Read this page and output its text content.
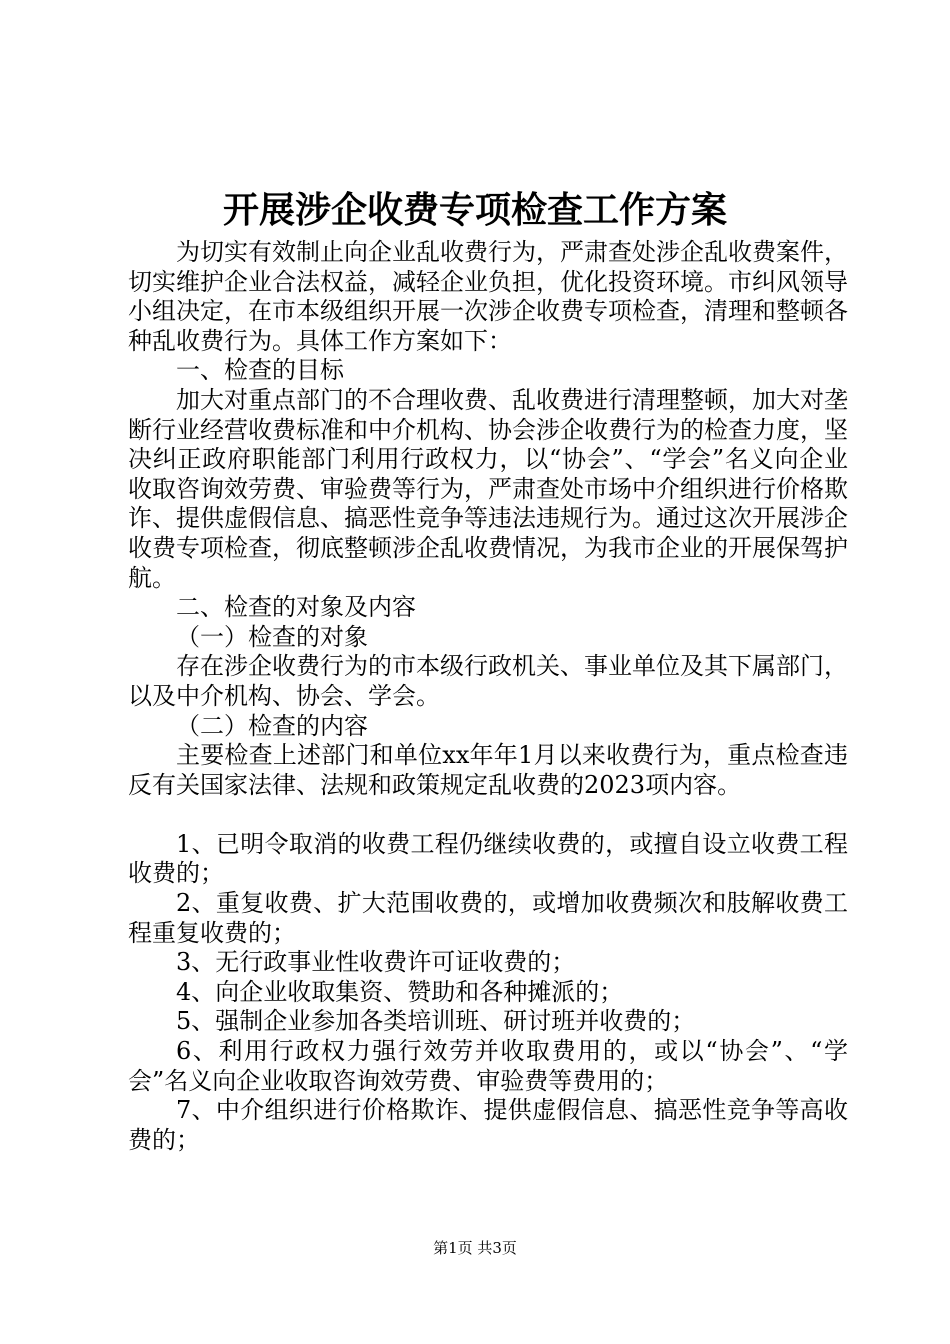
开展涉企收费专项检查工作方案

为切实有效制止向企业乱收费行为，严肃查处涉企乱收费案件，切实维护企业合法权益，减轻企业负担，优化投资环境。市纠风领导小组决定，在市本级组织开展一次涉企收费专项检查，清理和整顿各种乱收费行为。具体工作方案如下：

一、检查的目标

加大对重点部门的不合理收费、乱收费进行清理整顿，加大对垄断行业经营收费标准和中介机构、协会涉企收费行为的检查力度，坚决纠正政府职能部门利用行政权力，以“协会”、“学会”名义向企业收取咨询效劳费、审验费等行为，严肃查处市场中介组织进行价格欺诈、提供虚假信息、搞恶性竞争等违法违规行为。通过这次开展涉企收费专项检查，彻底整顿涉企乱收费情况，为我市企业的开展保驾护航。

二、检查的对象及内容

（一）检查的对象

存在涉企收费行为的市本级行政机关、事业单位及其下属部门，以及中介机构、协会、学会。

（二）检查的内容

主要检查上述部门和单位xx年年1月以来收费行为，重点检查违反有关国家法律、法规和政策规定乱收费的2023项内容。

1、已明令取消的收费工程仍继续收费的，或擅自设立收费工程收费的；

2、重复收费、扩大范围收费的，或增加收费频次和肢解收费工程重复收费的；

3、无行政事业性收费许可证收费的；

4、向企业收取集资、赞助和各种摊派的；

5、强制企业参加各类培训班、研讨班并收费的；

6、利用行政权力强行效劳并收取费用的，或以“协会”、“学会”名义向企业收取咨询效劳费、审验费等费用的；

7、中介组织进行价格欺诈、提供虚假信息、搞恶性竞争等高收费的；

第1页 共3页
